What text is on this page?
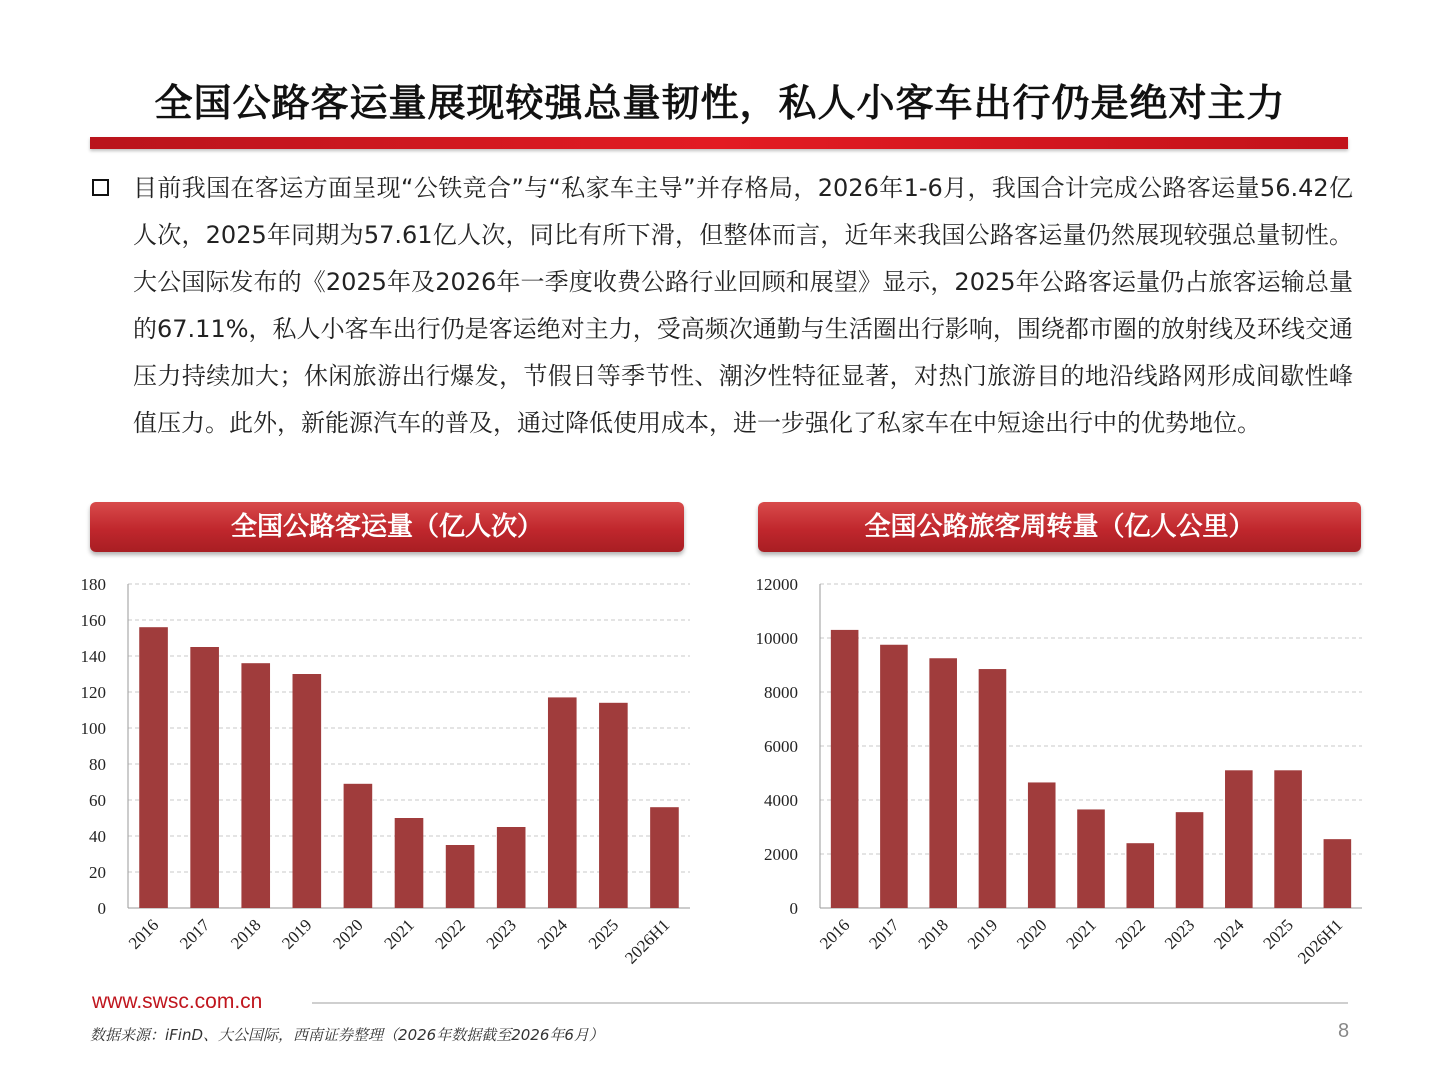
全国公路客运量展现较强总量韧性，私人小客车出行仍是绝对主力
目前我国在客运方面呈现“公铁竞合”与“私家车主导”并存格局，2026年1-6月，我国合计完成公路客运量56.42亿人次，2025年同期为57.61亿人次，同比有所下滑，但整体而言，近年来我国公路客运量仍然展现较强总量韧性。大公国际发布的《2025年及2026年一季度收费公路行业回顾和展望》显示，2025年公路客运量仍占旅客运输总量的67.11%，私人小客车出行仍是客运绝对主力，受高频次通勤与生活圈出行影响，围绕都市圈的放射线及环线交通压力持续加大；休闲旅游出行爆发，节假日等季节性、潮汐性特征显著，对热门旅游目的地沿线路网形成间歇性峰值压力。此外，新能源汽车的普及，通过降低使用成本，进一步强化了私家车在中短途出行中的优势地位。
全国公路客运量（亿人次）	全国公路旅客周转量（亿人公里）
0
20
40
60
80
100
120
140
160
180
2016 2017 2018 2019 2020 2021 2022 2023 2024 2025
2026H1
0
2000
4000
6000
8000
10000
12000
2016 2017 2018 2019 2020 2021 2022 2023 2024 2025
2026H1
www.swsc.com.cn
数据来源：iFinD、大公国际，西南证券整理（2026年数据截至2026年6月）	8
